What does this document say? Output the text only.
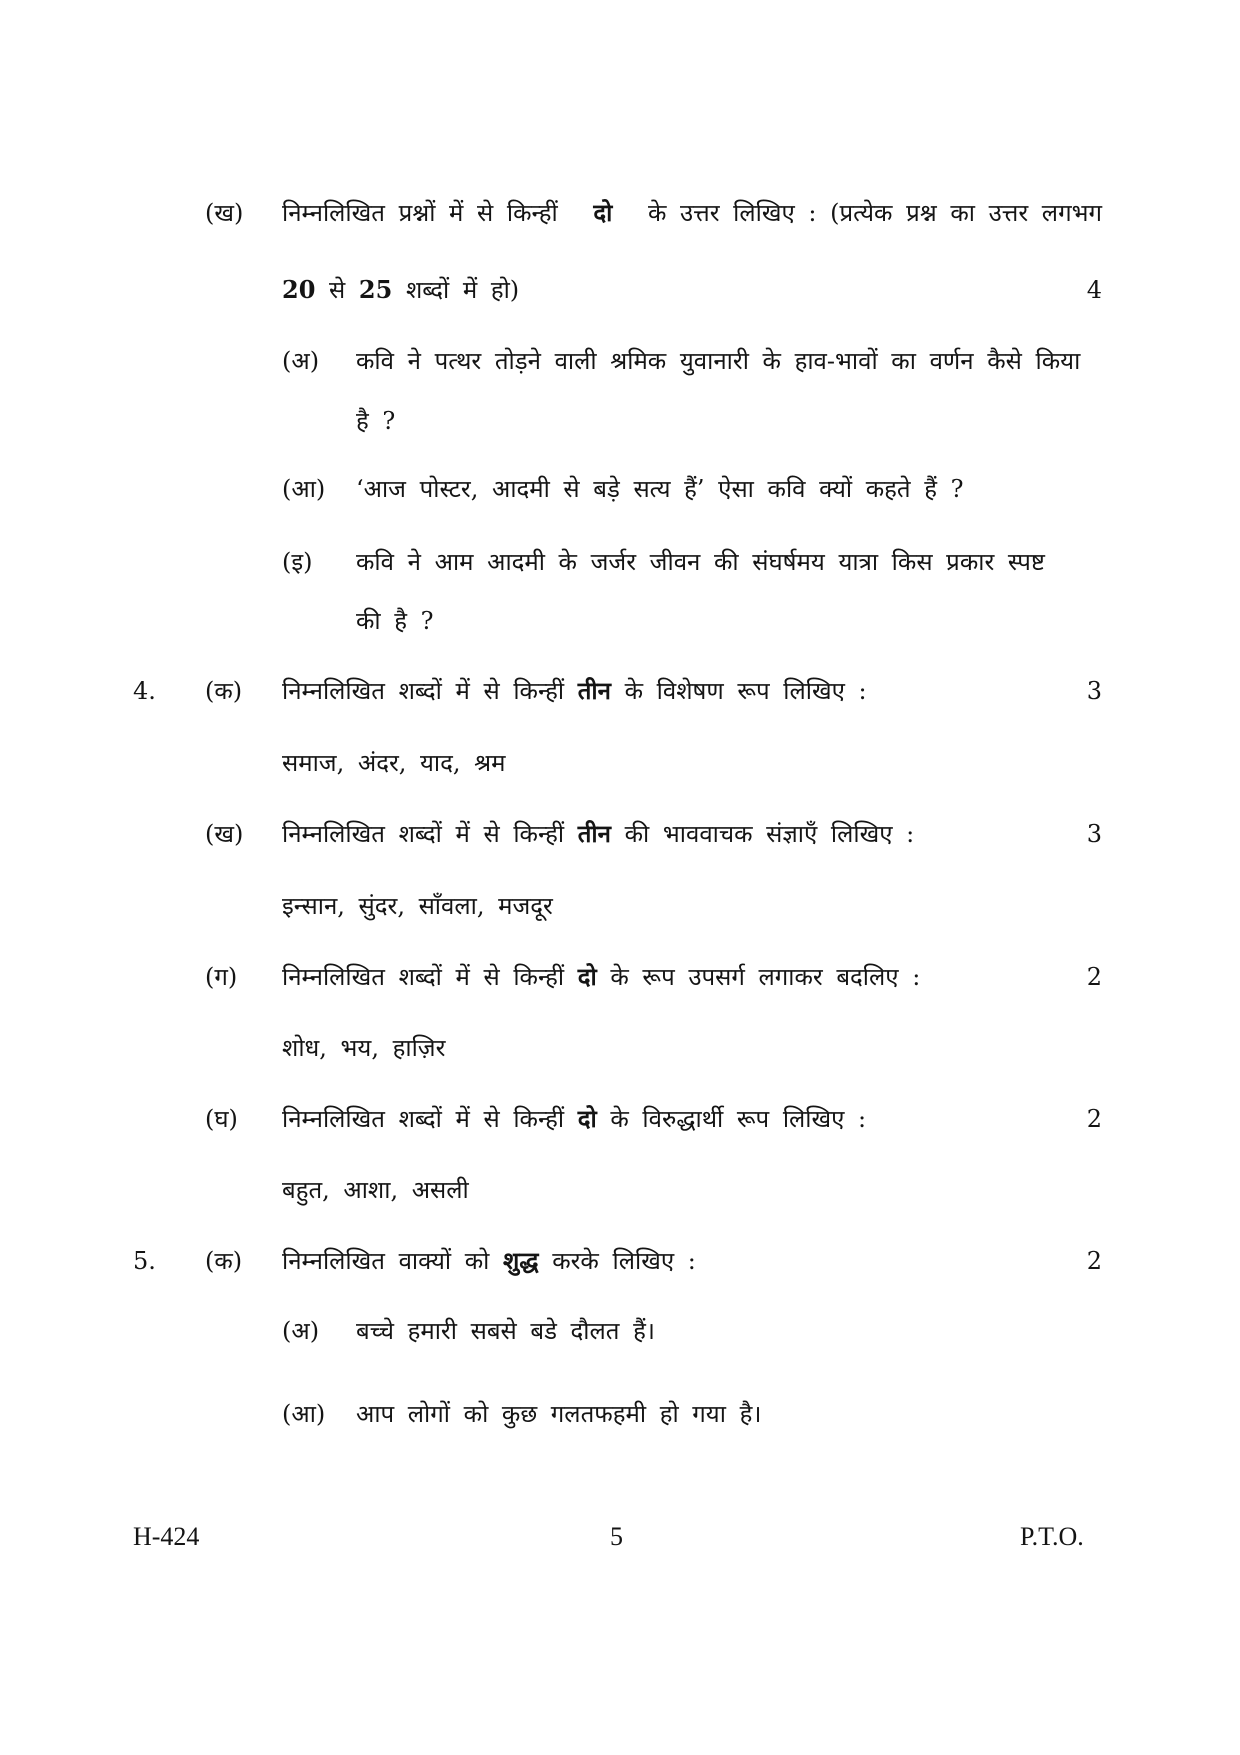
(ख) निम्नलिखित प्रश्नों में से किन्हीं दो के उत्तर लिखिए : (प्रत्येक प्रश्न का उत्तर लगभग
20 से 25 शब्दों में हो)	4
(अ) कवि ने पत्थर तोड़ने वाली श्रमिक युवानारी के हाव-भावों का वर्णन कैसे किया
है ?
(आ) ‘आज पोस्टर, आदमी से बड़े सत्य हैं’ ऐसा कवि क्यों कहते हैं ?
(इ) कवि ने आम आदमी के जर्जर जीवन की संघर्षमय यात्रा किस प्रकार स्पष्ट
की है ?
4. (क) निम्नलिखित शब्दों में से किन्हीं तीन के विशेषण रूप लिखिए :	3
समाज, अंदर, याद, श्रम
(ख) निम्नलिखित शब्दों में से किन्हीं तीन की भाववाचक संज्ञाएँ लिखिए :	3
इन्सान, सुंदर, साँवला, मजदूर
(ग) निम्नलिखित शब्दों में से किन्हीं दो के रूप उपसर्ग लगाकर बदलिए :	2
शोध, भय, हाज़िर
(घ) निम्नलिखित शब्दों में से किन्हीं दो के विरुद्धार्थी रूप लिखिए :	2
बहुत, आशा, असली
5. (क) निम्नलिखित वाक्यों को शुद्ध करके लिखिए :	2
(अ) बच्चे हमारी सबसे बडे दौलत हैं।
(आ) आप लोगों को कुछ गलतफहमी हो गया है।
H-424	5	P.T.O.
